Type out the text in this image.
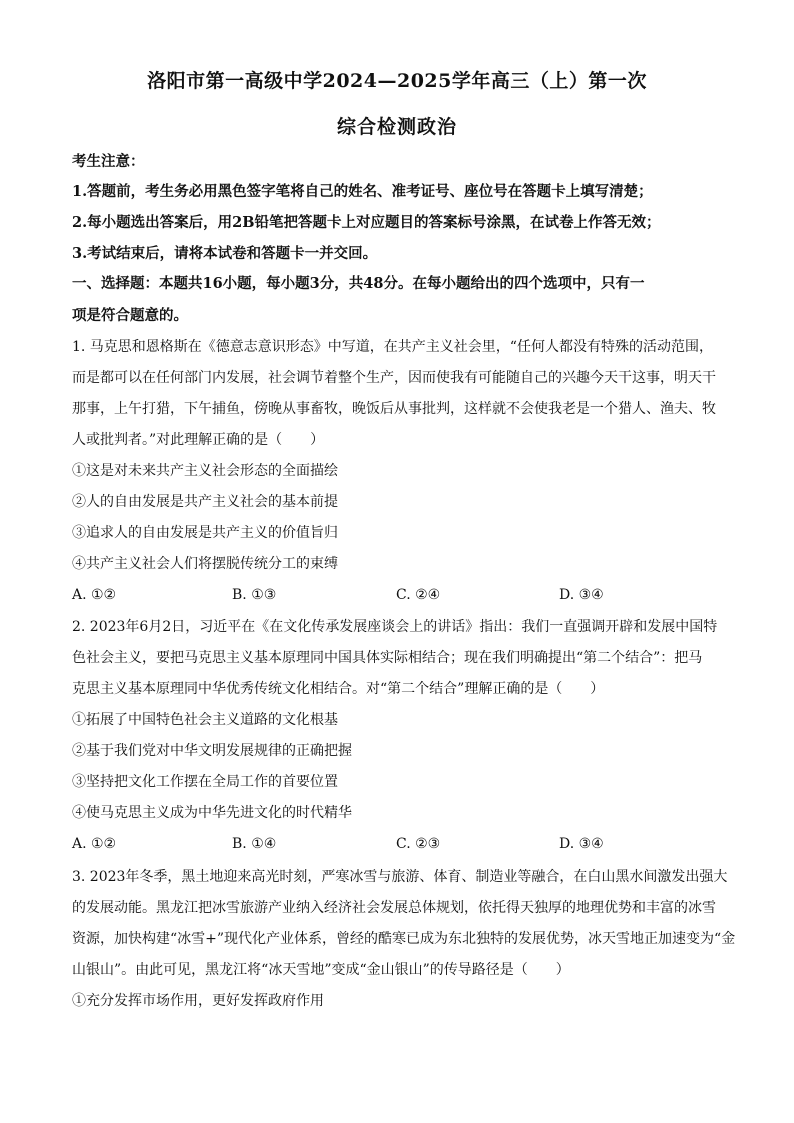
洛阳市第一高级中学2024—2025学年高三（上）第一次
综合检测政治
考生注意：
1.答题前，考生务必用黑色签字笔将自己的姓名、准考证号、座位号在答题卡上填写清楚；
2.每小题选出答案后，用2B铅笔把答题卡上对应题目的答案标号涂黑，在试卷上作答无效；
3.考试结束后，请将本试卷和答题卡一并交回。
一、选择题：本题共16小题，每小题3分，共48分。在每小题给出的四个选项中，只有一
项是符合题意的。
1. 马克思和恩格斯在《德意志意识形态》中写道，在共产主义社会里，“任何人都没有特殊的活动范围，
而是都可以在任何部门内发展，社会调节着整个生产，因而使我有可能随自己的兴趣今天干这事，明天干
那事，上午打猎，下午捕鱼，傍晚从事畜牧，晚饭后从事批判，这样就不会使我老是一个猎人、渔夫、牧
人或批判者。”对此理解正确的是（　　）
①这是对未来共产主义社会形态的全面描绘
②人的自由发展是共产主义社会的基本前提
③追求人的自由发展是共产主义的价值旨归
④共产主义社会人们将摆脱传统分工的束缚
A. ①②	B. ①③	C. ②④	D. ③④
2. 2023年6月2日，习近平在《在文化传承发展座谈会上的讲话》指出：我们一直强调开辟和发展中国特
色社会主义，要把马克思主义基本原理同中国具体实际相结合；现在我们明确提出“第二个结合”：把马
克思主义基本原理同中华优秀传统文化相结合。对“第二个结合”理解正确的是（　　）
①拓展了中国特色社会主义道路的文化根基
②基于我们党对中华文明发展规律的正确把握
③坚持把文化工作摆在全局工作的首要位置
④使马克思主义成为中华先进文化的时代精华
A. ①②	B. ①④	C. ②③	D. ③④
3. 2023年冬季，黑土地迎来高光时刻，严寒冰雪与旅游、体育、制造业等融合，在白山黑水间激发出强大
的发展动能。黑龙江把冰雪旅游产业纳入经济社会发展总体规划，依托得天独厚的地理优势和丰富的冰雪
资源，加快构建“冰雪+”现代化产业体系，曾经的酷寒已成为东北独特的发展优势，冰天雪地正加速变为“金
山银山”。由此可见，黑龙江将“冰天雪地”变成“金山银山”的传导路径是（　　）
①充分发挥市场作用，更好发挥政府作用
